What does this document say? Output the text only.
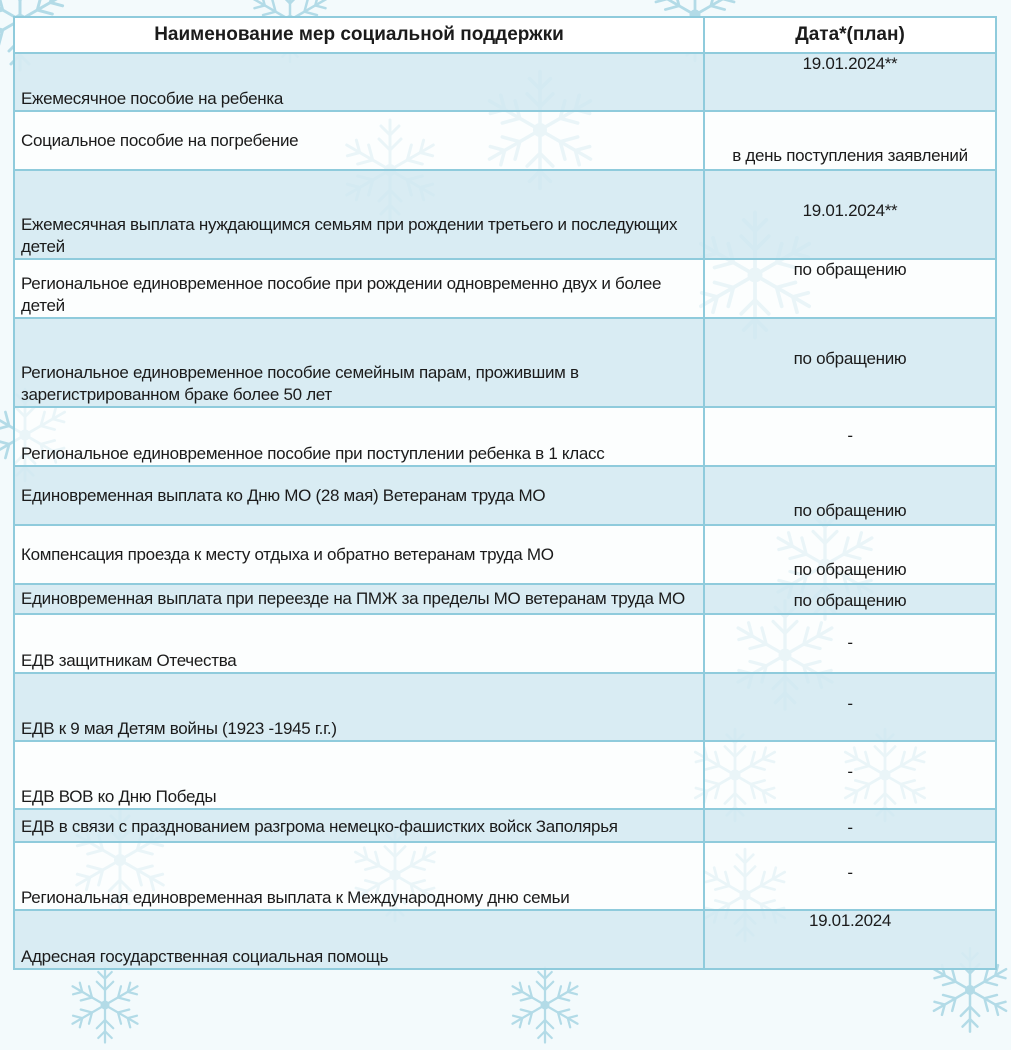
Наименование мер социальной поддержки	Дата*(план)
Ежемесячное пособие на ребенка	19.01.2024**
Социальное пособие на погребение	в день поступления заявлений
Ежемесячная выплата нуждающимся семьям при рождении третьего и последующих детей	19.01.2024**
Региональное единовременное пособие при рождении одновременно двух и более детей	по обращению
Региональное единовременное пособие семейным парам, прожившим в зарегистрированном браке более 50 лет	по обращению
Региональное единовременное пособие при поступлении ребенка в 1 класс	-
Единовременная выплата ко Дню МО (28 мая) Ветеранам труда МО	по обращению
Компенсация проезда к месту отдыха и обратно ветеранам труда МО	по обращению
Единовременная выплата при переезде на ПМЖ за пределы МО ветеранам труда МО	по обращению
ЕДВ защитникам Отечества	-
ЕДВ к 9 мая Детям войны (1923 -1945 г.г.)	-
ЕДВ ВОВ ко Дню Победы	-
ЕДВ в связи с празднованием разгрома немецко-фашистких войск Заполярья	-
Региональная единовременная выплата к Международному дню семьи	-
Адресная государственная социальная помощь	19.01.2024
